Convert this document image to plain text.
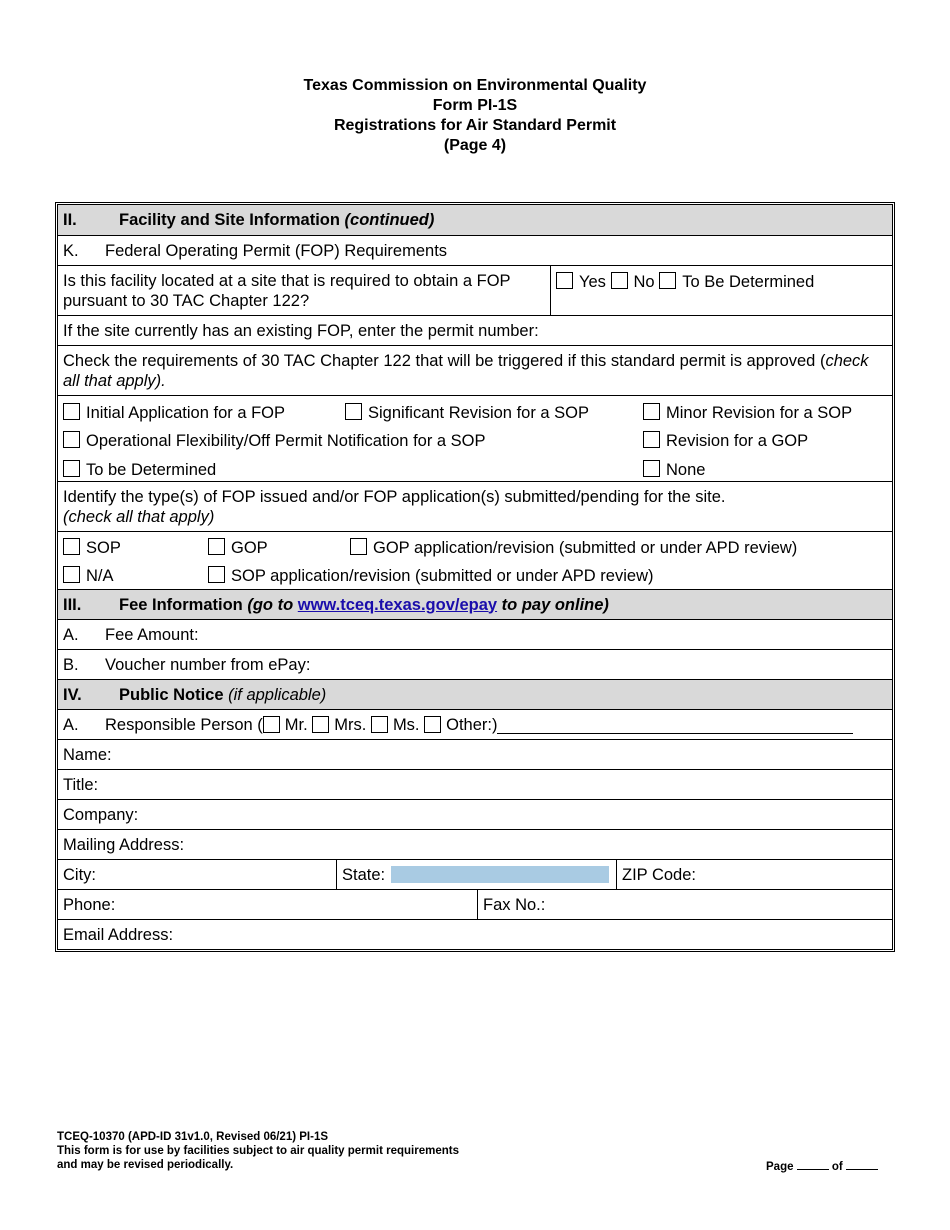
Texas Commission on Environmental Quality
Form PI-1S
Registrations for Air Standard Permit
(Page 4)
II.	Facility and Site Information
(continued)
K.	Federal Operating Permit (FOP) Requirements
Is this facility located at a site that is required to obtain a FOP pursuant to 30 TAC Chapter 122?
Yes
No
To Be Determined
If the site currently has an existing FOP, enter the permit number:
Check the requirements of 30 TAC Chapter 122 that will be triggered if this standard permit is approved (check all that apply).
Initial Application for a FOP	Significant Revision for a SOP	Minor Revision for a SOP
Operational Flexibility/Off Permit Notification for a SOP	Revision for a GOP
To be Determined	None
Identify the type(s) of FOP issued and/or FOP application(s) submitted/pending for the site.
(check all that apply)
SOP	GOP	GOP application/revision (submitted or under APD review)
N/A	SOP application/revision (submitted or under APD review)
III.	Fee Information
(go to
www.tceq.texas.gov/epay
to pay online)
A.	Fee Amount:
B.	Voucher number from ePay:
IV.	Public Notice
(if applicable)
A.	Responsible Person ( Mr.
Mrs.
Ms.
Other:)
Name:
Title:
Company:
Mailing Address:
City:	State:	ZIP Code:
Phone:	Fax No.:
Email Address:
TCEQ-10370 (APD-ID 31v1.0, Revised 06/21) PI-1S
This form is for use by facilities subject to air quality permit requirements
and may be revised periodically.	Page	of
